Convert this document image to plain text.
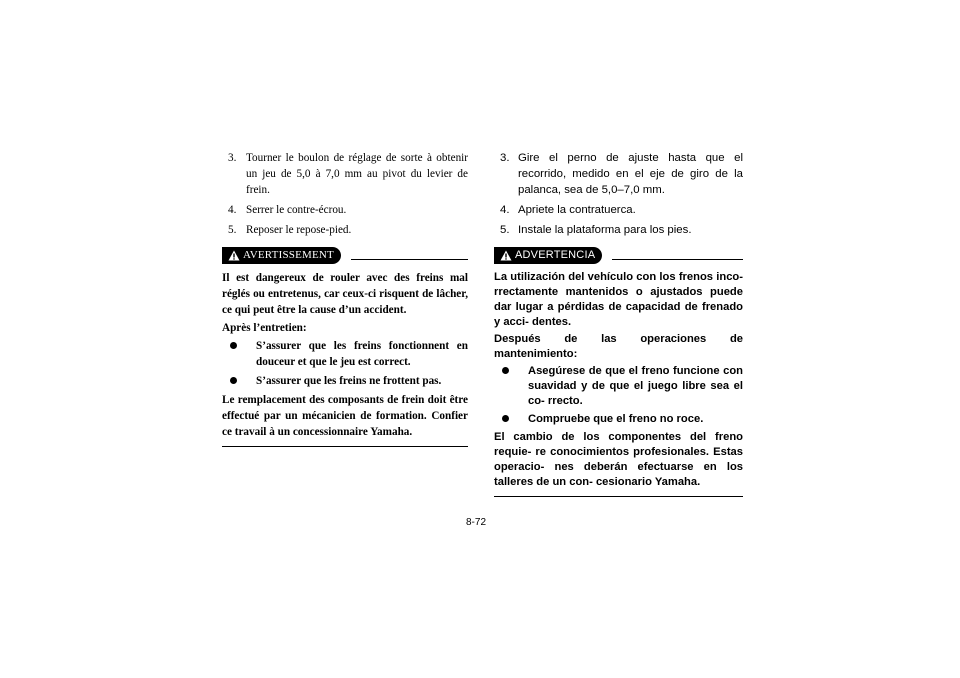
3. Tourner le boulon de réglage de sorte à obtenir un jeu de 5,0 à 7,0 mm au pivot du levier de frein.
4. Serrer le contre-écrou.
5. Reposer le repose-pied.
AVERTISSEMENT
Il est dangereux de rouler avec des freins mal réglés ou entretenus, car ceux-ci risquent de lâcher, ce qui peut être la cause d’un accident.
Après l’entretien:
S’assurer que les freins fonctionnent en douceur et que le jeu est correct.
S’assurer que les freins ne frottent pas.
Le remplacement des composants de frein doit être effectué par un mécanicien de formation. Confier ce travail à un concessionnaire Yamaha.
3. Gire el perno de ajuste hasta que el recorrido, medido en el eje de giro de la palanca, sea de 5,0–7,0 mm.
4. Apriete la contratuerca.
5. Instale la plataforma para los pies.
ADVERTENCIA
La utilización del vehículo con los frenos inco- rrectamente mantenidos o ajustados puede dar lugar a pérdidas de capacidad de frenado y acci- dentes.
Después de las operaciones de mantenimiento:
Asegúrese de que el freno funcione con suavidad y de que el juego libre sea el co- rrecto.
Compruebe que el freno no roce.
El cambio de los componentes del freno requie- re conocimientos profesionales. Estas operacio- nes deberán efectuarse en los talleres de un con- cesionario Yamaha.
8-72
